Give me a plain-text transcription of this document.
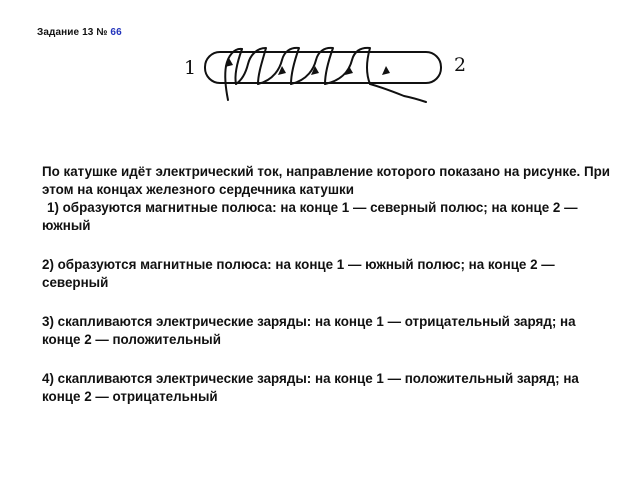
Задание 13 № 66
1	2

По катушке идёт электрический ток, направление которого показано на рисунке. При этом на концах железного сердечника катушки

1) образуются магнитные полюса: на конце 1 — северный полюс; на конце 2 — южный

2) образуются магнитные полюса: на конце 1 — южный полюс; на конце 2 — северный

3) скапливаются электрические заряды: на конце 1 — отрицательный заряд; на конце 2 — положительный

4) скапливаются электрические заряды: на конце 1 — положительный заряд; на конце 2 — отрицательный
